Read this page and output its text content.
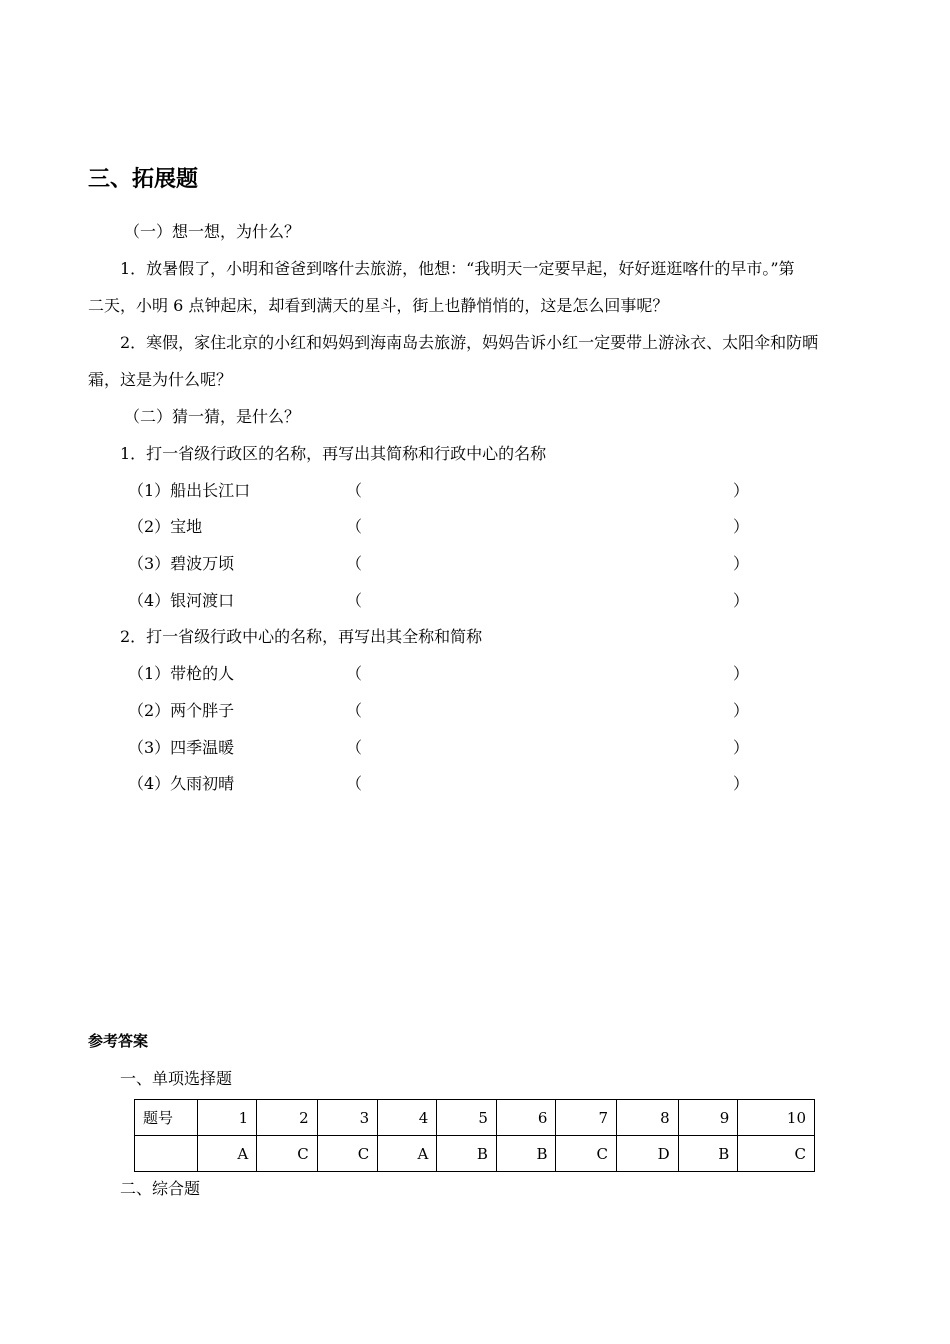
三、拓展题
（一）想一想，为什么？
1．放暑假了，小明和爸爸到喀什去旅游，他想：“我明天一定要早起，好好逛逛喀什的早市。”第
二天，小明 6 点钟起床，却看到满天的星斗，街上也静悄悄的，这是怎么回事呢？
2．寒假，家住北京的小红和妈妈到海南岛去旅游，妈妈告诉小红一定要带上游泳衣、太阳伞和防晒
霜，这是为什么呢？
（二）猜一猜，是什么？
1．打一省级行政区的名称，再写出其简称和行政中心的名称
（1）船出长江口	（	）
（2）宝地	（	）
（3）碧波万顷	（	）
（4）银河渡口	（	）
2．打一省级行政中心的名称，再写出其全称和简称
（1）带枪的人	（	）
（2）两个胖子	（	）
（3）四季温暖	（	）
（4）久雨初晴	（	）
参考答案
一、单项选择题
题号	1	2	3	4	5	6	7	8	9	10
	A	C	C	A	B	B	C	D	B	C
二、综合题
